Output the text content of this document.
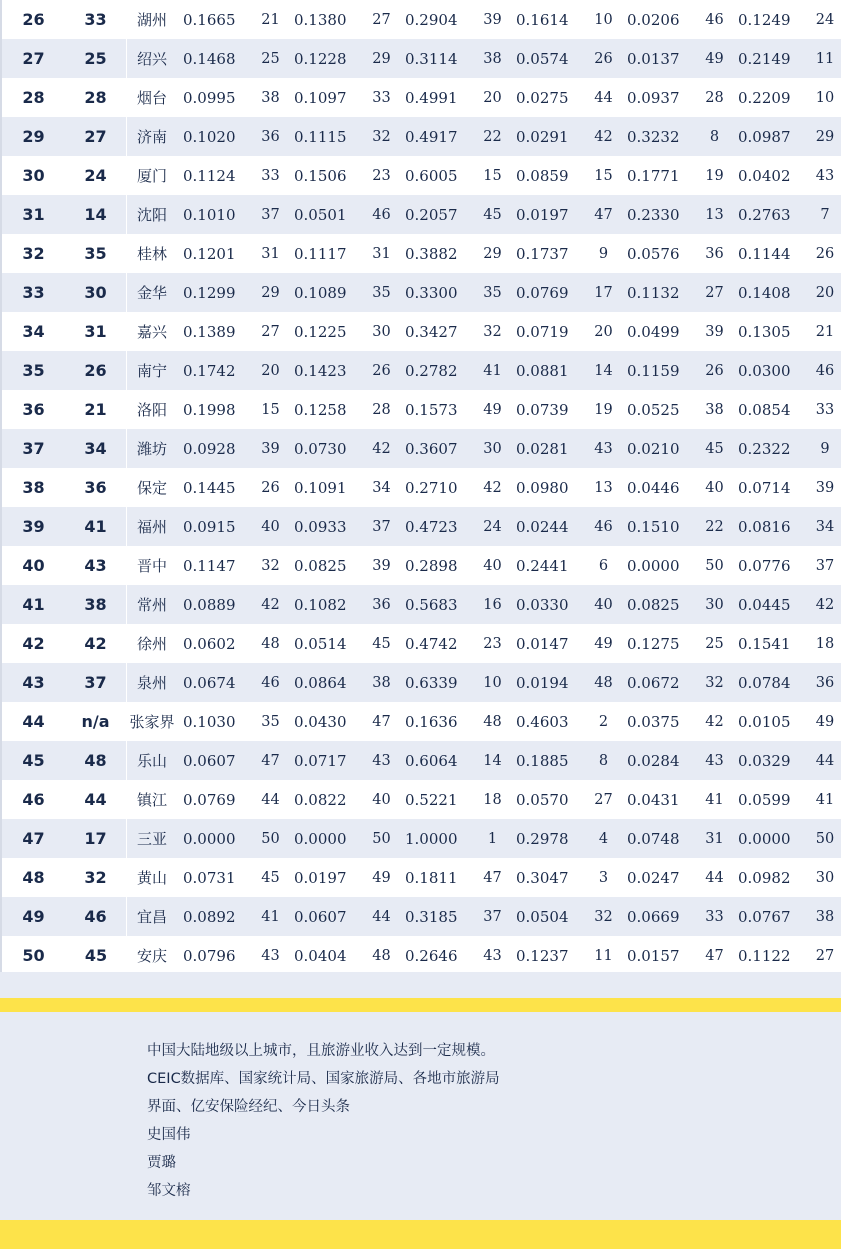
26	33	湖州	0.1665	21	0.1380	27	0.2904	39	0.1614	10	0.0206	46	0.1249	24
27	25	绍兴	0.1468	25	0.1228	29	0.3114	38	0.0574	26	0.0137	49	0.2149	11
28	28	烟台	0.0995	38	0.1097	33	0.4991	20	0.0275	44	0.0937	28	0.2209	10
29	27	济南	0.1020	36	0.1115	32	0.4917	22	0.0291	42	0.3232	8	0.0987	29
30	24	厦门	0.1124	33	0.1506	23	0.6005	15	0.0859	15	0.1771	19	0.0402	43
31	14	沈阳	0.1010	37	0.0501	46	0.2057	45	0.0197	47	0.2330	13	0.2763	7
32	35	桂林	0.1201	31	0.1117	31	0.3882	29	0.1737	9	0.0576	36	0.1144	26
33	30	金华	0.1299	29	0.1089	35	0.3300	35	0.0769	17	0.1132	27	0.1408	20
34	31	嘉兴	0.1389	27	0.1225	30	0.3427	32	0.0719	20	0.0499	39	0.1305	21
35	26	南宁	0.1742	20	0.1423	26	0.2782	41	0.0881	14	0.1159	26	0.0300	46
36	21	洛阳	0.1998	15	0.1258	28	0.1573	49	0.0739	19	0.0525	38	0.0854	33
37	34	潍坊	0.0928	39	0.0730	42	0.3607	30	0.0281	43	0.0210	45	0.2322	9
38	36	保定	0.1445	26	0.1091	34	0.2710	42	0.0980	13	0.0446	40	0.0714	39
39	41	福州	0.0915	40	0.0933	37	0.4723	24	0.0244	46	0.1510	22	0.0816	34
40	43	晋中	0.1147	32	0.0825	39	0.2898	40	0.2441	6	0.0000	50	0.0776	37
41	38	常州	0.0889	42	0.1082	36	0.5683	16	0.0330	40	0.0825	30	0.0445	42
42	42	徐州	0.0602	48	0.0514	45	0.4742	23	0.0147	49	0.1275	25	0.1541	18
43	37	泉州	0.0674	46	0.0864	38	0.6339	10	0.0194	48	0.0672	32	0.0784	36
44	n/a	张家界	0.1030	35	0.0430	47	0.1636	48	0.4603	2	0.0375	42	0.0105	49
45	48	乐山	0.0607	47	0.0717	43	0.6064	14	0.1885	8	0.0284	43	0.0329	44
46	44	镇江	0.0769	44	0.0822	40	0.5221	18	0.0570	27	0.0431	41	0.0599	41
47	17	三亚	0.0000	50	0.0000	50	1.0000	1	0.2978	4	0.0748	31	0.0000	50
48	32	黄山	0.0731	45	0.0197	49	0.1811	47	0.3047	3	0.0247	44	0.0982	30
49	46	宜昌	0.0892	41	0.0607	44	0.3185	37	0.0504	32	0.0669	33	0.0767	38
50	45	安庆	0.0796	43	0.0404	48	0.2646	43	0.1237	11	0.0157	47	0.1122	27
中国大陆地级以上城市，且旅游业收入达到一定规模。
CEIC数据库、国家统计局、国家旅游局、各地市旅游局
界面、亿安保险经纪、今日头条
史国伟
贾璐
邹文榕
